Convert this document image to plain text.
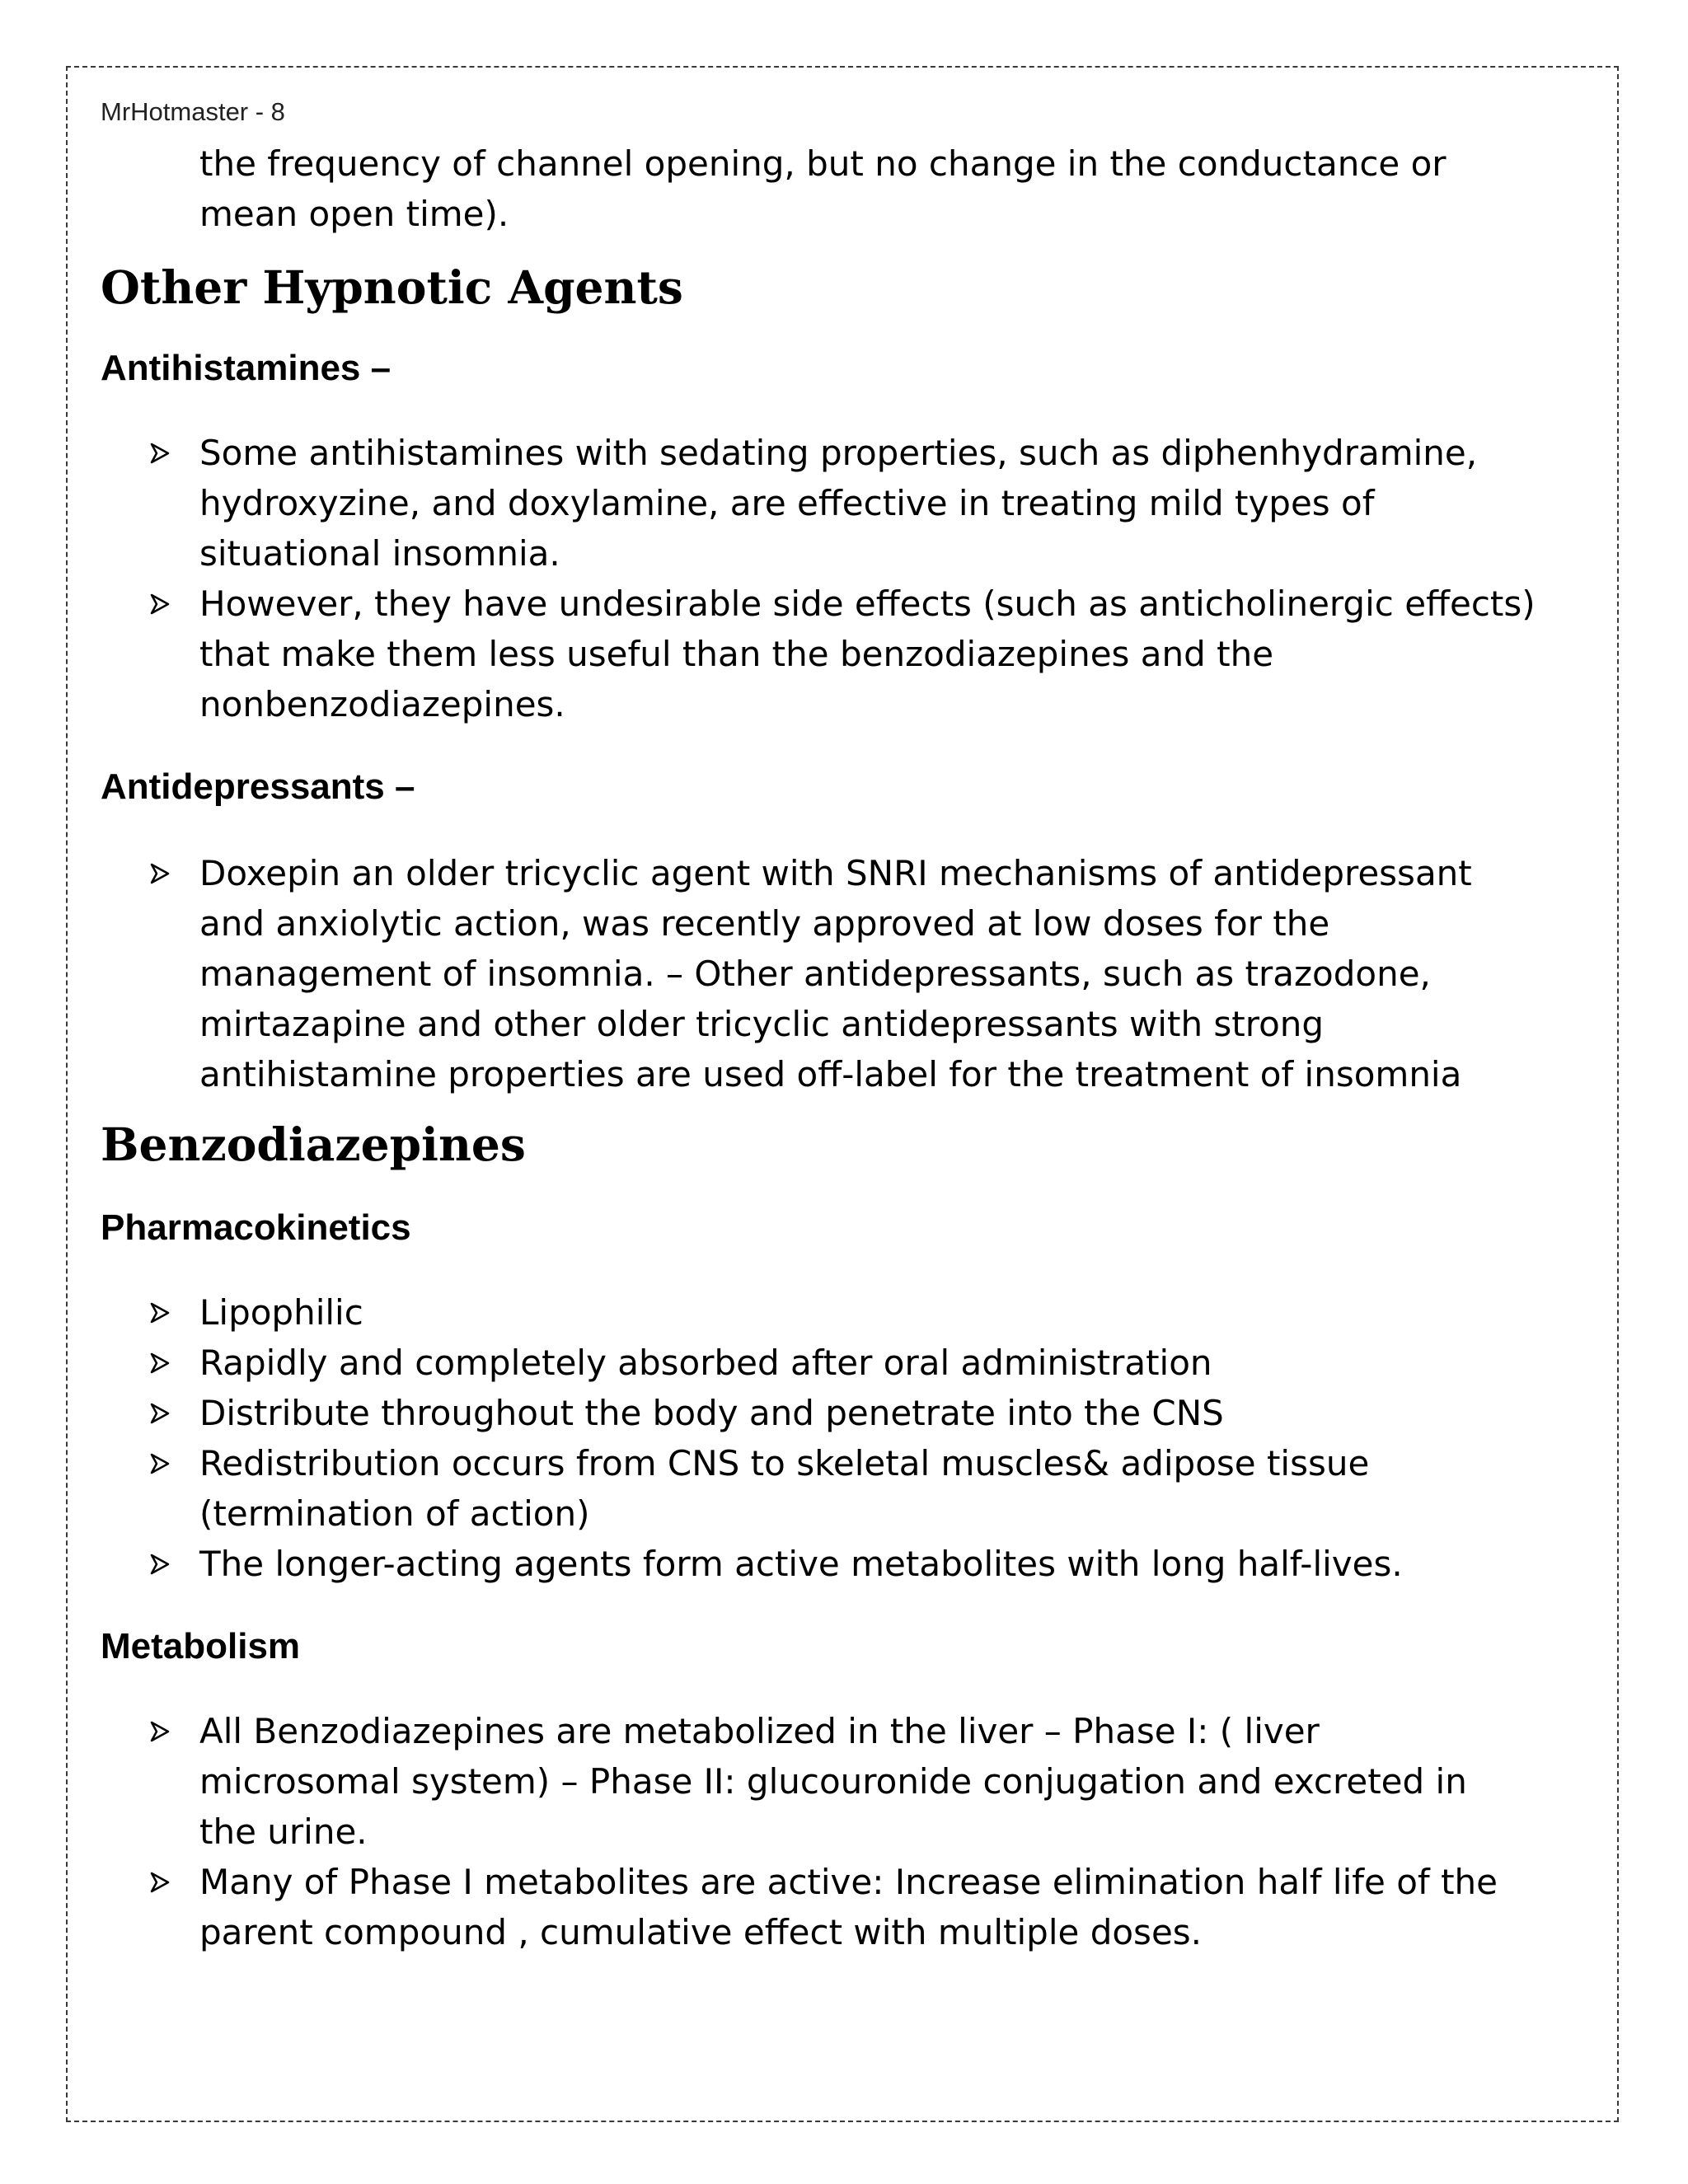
MrHotmaster - 8

the frequency of channel opening, but no change in the conductance or

mean open time).

Other Hypnotic Agents
Antihistamines –
Some antihistamines with sedating properties, such as diphenhydramine,
hydroxyzine, and doxylamine, are effective in treating mild types of
situational insomnia.
However, they have undesirable side effects (such as anticholinergic effects)
that make them less useful than the benzodiazepines and the
nonbenzodiazepines.
Antidepressants –
Doxepin an older tricyclic agent with SNRI mechanisms of antidepressant
and anxiolytic action, was recently approved at low doses for the
management of insomnia. – Other antidepressants, such as trazodone,
mirtazapine and other older tricyclic antidepressants with strong
antihistamine properties are used off-label for the treatment of insomnia
Benzodiazepines
Pharmacokinetics
Lipophilic
Rapidly and completely absorbed after oral administration
Distribute throughout the body and penetrate into the CNS
Redistribution occurs from CNS to skeletal muscles& adipose tissue
(termination of action)
The longer-acting agents form active metabolites with long half-lives.
Metabolism
All Benzodiazepines are metabolized in the liver – Phase I: ( liver
microsomal system) – Phase II: glucouronide conjugation and excreted in
the urine.
Many of Phase I metabolites are active: Increase elimination half life of the
parent compound , cumulative effect with multiple doses.
